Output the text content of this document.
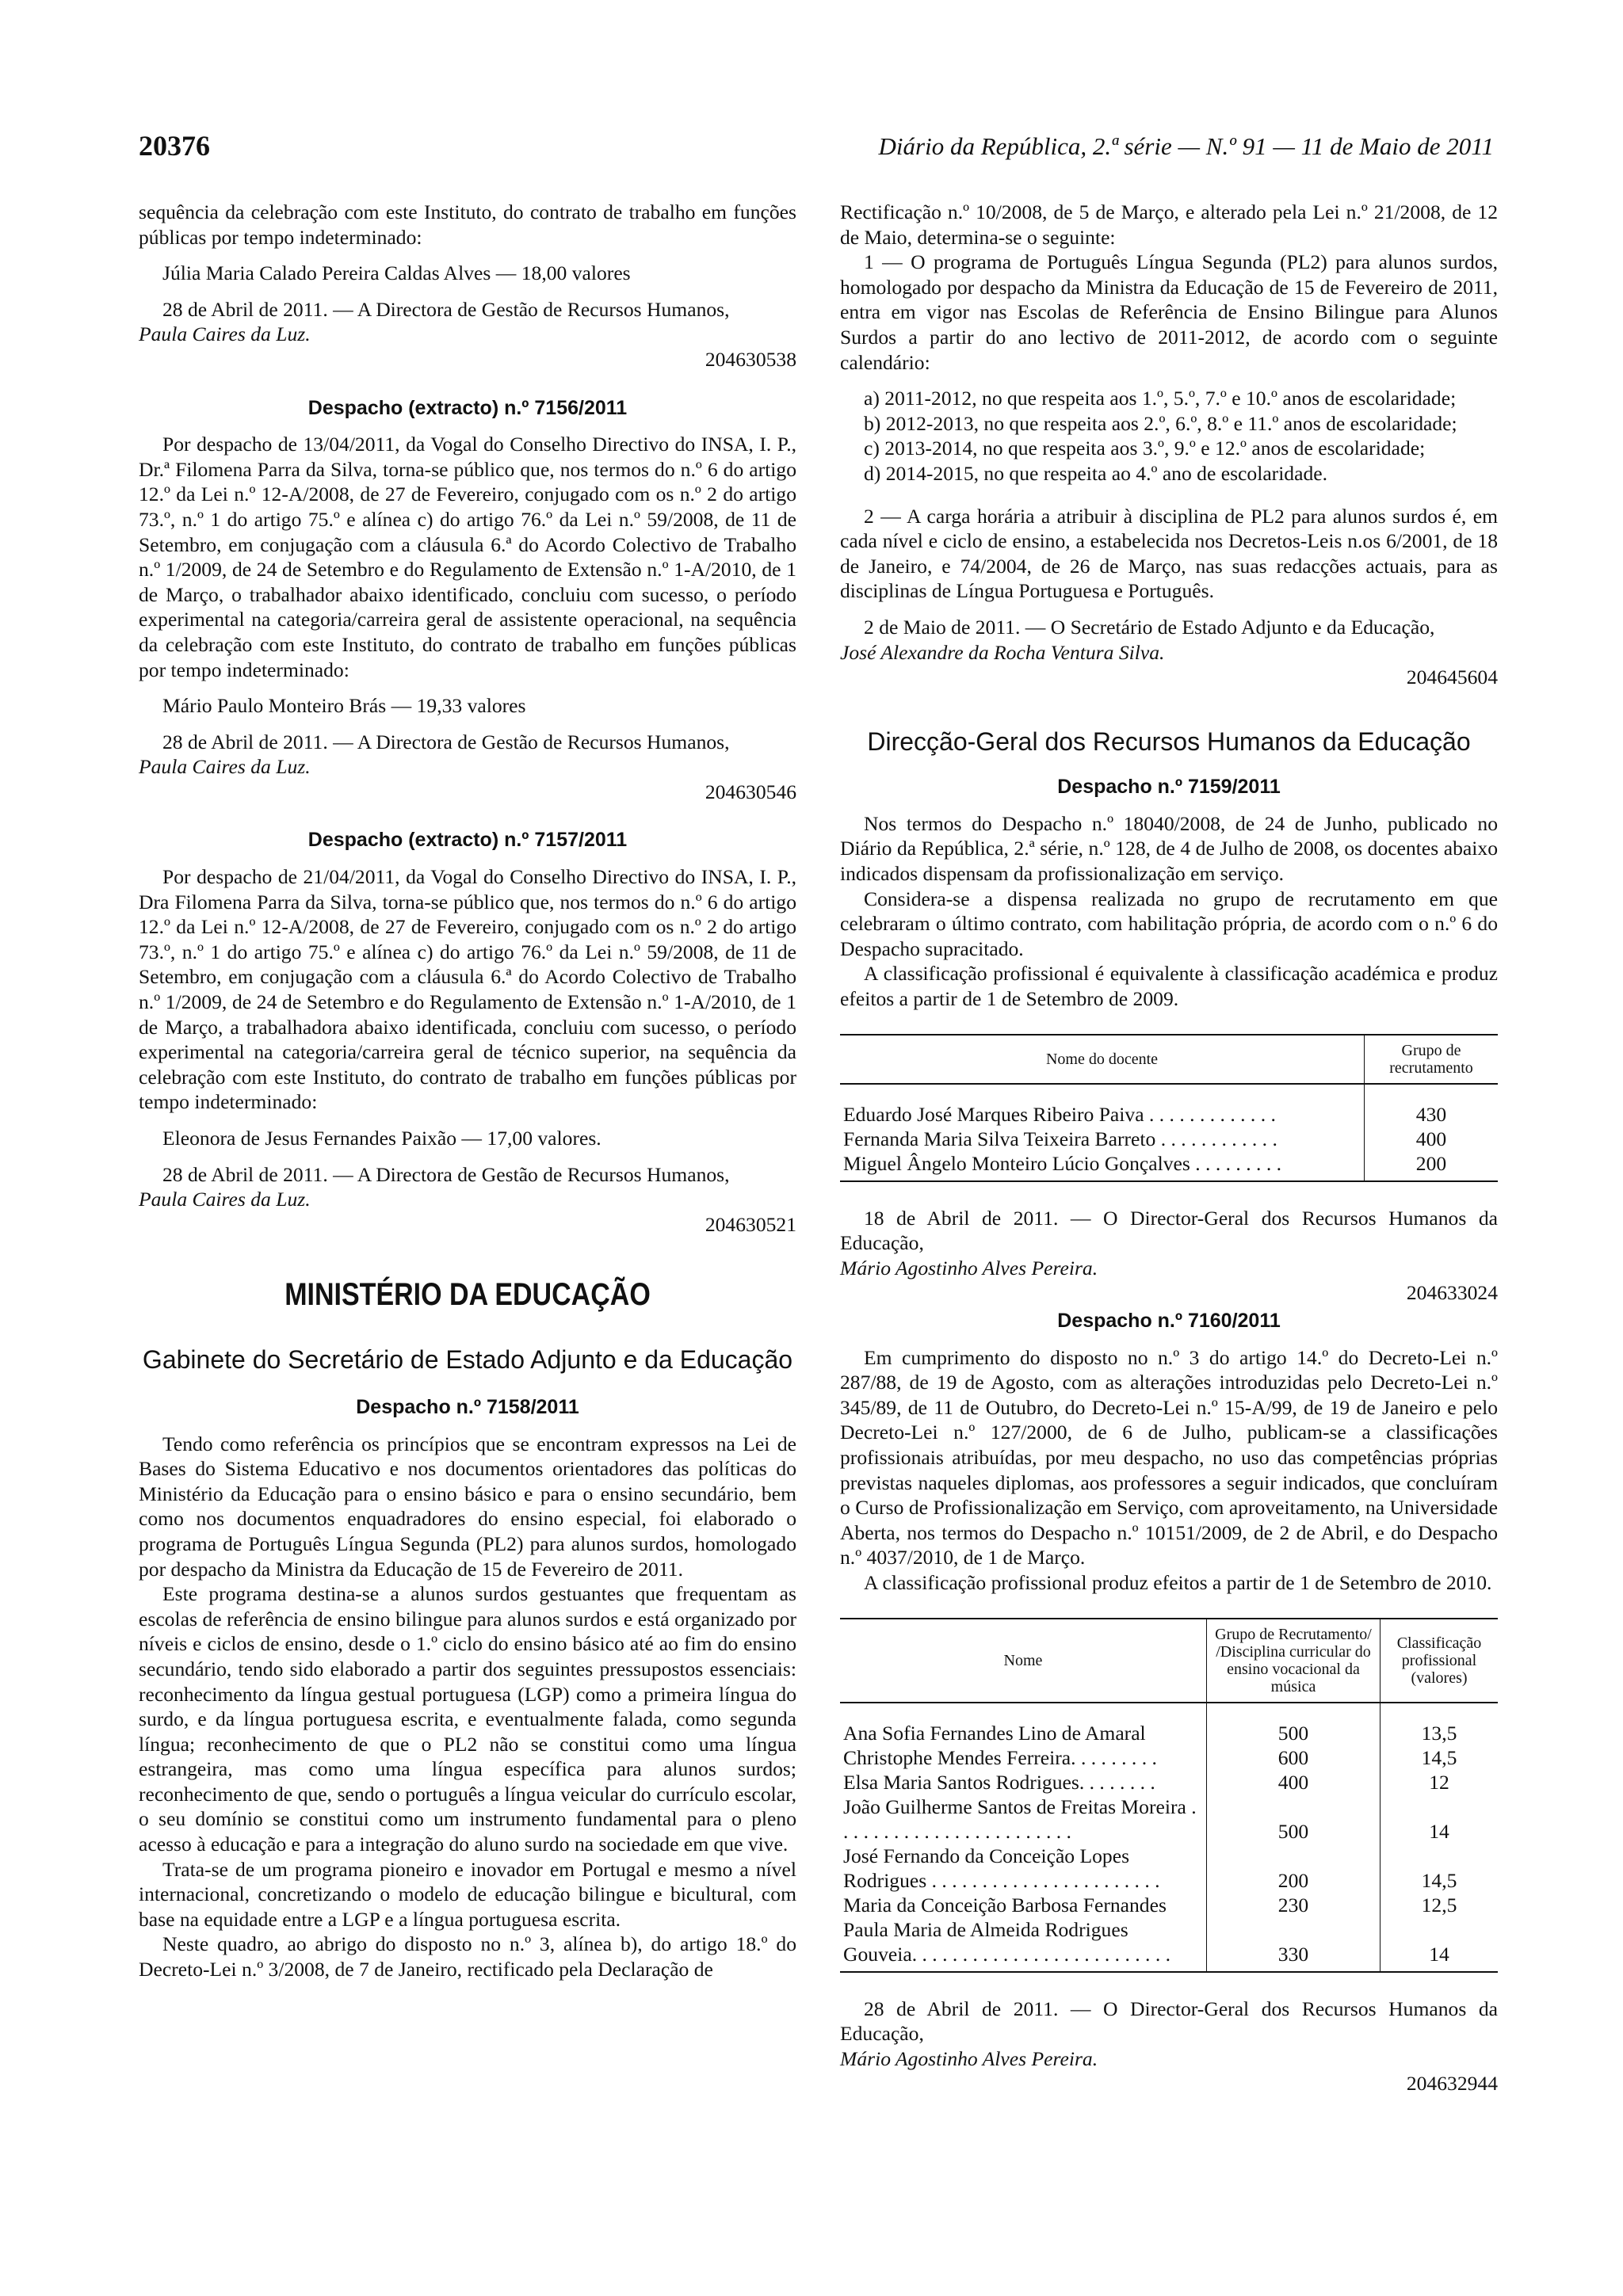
20376	Diário da República, 2.ª série — N.º 91 — 11 de Maio de 2011

sequência da celebração com este Instituto, do contrato de trabalho em funções públicas por tempo indeterminado:

Júlia Maria Calado Pereira Caldas Alves — 18,00 valores

28 de Abril de 2011. — A Directora de Gestão de Recursos Humanos,

Paula Caires da Luz.

204630538

Despacho (extracto) n.º 7156/2011

Por despacho de 13/04/2011, da Vogal do Conselho Directivo do INSA, I. P., Dr.ª Filomena Parra da Silva, torna-se público que, nos termos do n.º 6 do artigo 12.º da Lei n.º 12-A/2008, de 27 de Fevereiro, conjugado com os n.º 2 do artigo 73.º, n.º 1 do artigo 75.º e alínea c) do artigo 76.º da Lei n.º 59/2008, de 11 de Setembro, em conjugação com a cláusula 6.ª do Acordo Colectivo de Trabalho n.º 1/2009, de 24 de Setembro e do Regulamento de Extensão n.º 1-A/2010, de 1 de Março, o trabalhador abaixo identificado, concluiu com sucesso, o período experimental na categoria/carreira geral de assistente operacional, na sequência da celebração com este Instituto, do contrato de trabalho em funções públicas por tempo indeterminado:

Mário Paulo Monteiro Brás — 19,33 valores

28 de Abril de 2011. — A Directora de Gestão de Recursos Humanos,

Paula Caires da Luz.

204630546

Despacho (extracto) n.º 7157/2011

Por despacho de 21/04/2011, da Vogal do Conselho Directivo do INSA, I. P., Dra Filomena Parra da Silva, torna-se público que, nos termos do n.º 6 do artigo 12.º da Lei n.º 12-A/2008, de 27 de Fevereiro, conjugado com os n.º 2 do artigo 73.º, n.º 1 do artigo 75.º e alínea c) do artigo 76.º da Lei n.º 59/2008, de 11 de Setembro, em conjugação com a cláusula 6.ª do Acordo Colectivo de Trabalho n.º 1/2009, de 24 de Setembro e do Regulamento de Extensão n.º 1-A/2010, de 1 de Março, a trabalhadora abaixo identificada, concluiu com sucesso, o período experimental na categoria/carreira geral de técnico superior, na sequência da celebração com este Instituto, do contrato de trabalho em funções públicas por tempo indeterminado:

Eleonora de Jesus Fernandes Paixão — 17,00 valores.

28 de Abril de 2011. — A Directora de Gestão de Recursos Humanos,

Paula Caires da Luz.

204630521

MINISTÉRIO DA EDUCAÇÃO
Gabinete do Secretário de Estado Adjunto e da Educação
Despacho n.º 7158/2011

Tendo como referência os princípios que se encontram expressos na Lei de Bases do Sistema Educativo e nos documentos orientadores das políticas do Ministério da Educação para o ensino básico e para o ensino secundário, bem como nos documentos enquadradores do ensino especial, foi elaborado o programa de Português Língua Segunda (PL2) para alunos surdos, homologado por despacho da Ministra da Educação de 15 de Fevereiro de 2011.

Este programa destina-se a alunos surdos gestuantes que frequentam as escolas de referência de ensino bilingue para alunos surdos e está organizado por níveis e ciclos de ensino, desde o 1.º ciclo do ensino básico até ao fim do ensino secundário, tendo sido elaborado a partir dos seguintes pressupostos essenciais: reconhecimento da língua gestual portuguesa (LGP) como a primeira língua do surdo, e da língua portuguesa escrita, e eventualmente falada, como segunda língua; reconhecimento de que o PL2 não se constitui como uma língua estrangeira, mas como uma língua específica para alunos surdos; reconhecimento de que, sendo o português a língua veicular do currículo escolar, o seu domínio se constitui como um instrumento fundamental para o pleno acesso à educação e para a integração do aluno surdo na sociedade em que vive.

Trata-se de um programa pioneiro e inovador em Portugal e mesmo a nível internacional, concretizando o modelo de educação bilingue e bicultural, com base na equidade entre a LGP e a língua portuguesa escrita.

Neste quadro, ao abrigo do disposto no n.º 3, alínea b), do artigo 18.º do Decreto-Lei n.º 3/2008, de 7 de Janeiro, rectificado pela Declaração de

Rectificação n.º 10/2008, de 5 de Março, e alterado pela Lei n.º 21/2008, de 12 de Maio, determina-se o seguinte:

1 — O programa de Português Língua Segunda (PL2) para alunos surdos, homologado por despacho da Ministra da Educação de 15 de Fevereiro de 2011, entra em vigor nas Escolas de Referência de Ensino Bilingue para Alunos Surdos a partir do ano lectivo de 2011-2012, de acordo com o seguinte calendário:

a) 2011-2012, no que respeita aos 1.º, 5.º, 7.º e 10.º anos de escolaridade;

b) 2012-2013, no que respeita aos 2.º, 6.º, 8.º e 11.º anos de escolaridade;

c) 2013-2014, no que respeita aos 3.º, 9.º e 12.º anos de escolaridade;

d) 2014-2015, no que respeita ao 4.º ano de escolaridade.

2 — A carga horária a atribuir à disciplina de PL2 para alunos surdos é, em cada nível e ciclo de ensino, a estabelecida nos Decretos-Leis n.os 6/2001, de 18 de Janeiro, e 74/2004, de 26 de Março, nas suas redacções actuais, para as disciplinas de Língua Portuguesa e Português.

2 de Maio de 2011. — O Secretário de Estado Adjunto e da Educação,

José Alexandre da Rocha Ventura Silva.

204645604

Direcção-Geral dos Recursos Humanos da Educação
Despacho n.º 7159/2011

Nos termos do Despacho n.º 18040/2008, de 24 de Junho, publicado no Diário da República, 2.ª série, n.º 128, de 4 de Julho de 2008, os docentes abaixo indicados dispensam da profissionalização em serviço.

Considera-se a dispensa realizada no grupo de recrutamento em que celebraram o último contrato, com habilitação própria, de acordo com o n.º 6 do Despacho supracitado.

A classificação profissional é equivalente à classificação académica e produz efeitos a partir de 1 de Setembro de 2009.

Nome do docente	Grupo de recrutamento
Eduardo José Marques Ribeiro Paiva . . . . . . . . . . . . .	430
Fernanda Maria Silva Teixeira Barreto . . . . . . . . . . . .	400
Miguel Ângelo Monteiro Lúcio Gonçalves . . . . . . . . .	200

18 de Abril de 2011. — O Director-Geral dos Recursos Humanos da Educação,

Mário Agostinho Alves Pereira.

204633024

Despacho n.º 7160/2011

Em cumprimento do disposto no n.º 3 do artigo 14.º do Decreto-Lei n.º 287/88, de 19 de Agosto, com as alterações introduzidas pelo Decreto-Lei n.º 345/89, de 11 de Outubro, do Decreto-Lei n.º 15-A/99, de 19 de Janeiro e pelo Decreto-Lei n.º 127/2000, de 6 de Julho, publicam-se a classificações profissionais atribuídas, por meu despacho, no uso das competências próprias previstas naqueles diplomas, aos professores a seguir indicados, que concluíram o Curso de Profissionalização em Serviço, com aproveitamento, na Universidade Aberta, nos termos do Despacho n.º 10151/2009, de 2 de Abril, e do Despacho n.º 4037/2010, de 1 de Março.

A classificação profissional produz efeitos a partir de 1 de Setembro de 2010.

Nome	Grupo de Recrutamento/ /Disciplina curricular do ensino vocacional da música	Classificação profissional (valores)
Ana Sofia Fernandes Lino de Amaral	500	13,5
Christophe Mendes Ferreira. . . . . . . . .	600	14,5
Elsa Maria Santos Rodrigues. . . . . . . .	400	12
João Guilherme Santos de Freitas Moreira . . . . . . . . . . . . . . . . . . . . . . . .	500	14
José Fernando da Conceição Lopes Rodrigues . . . . . . . . . . . . . . . . . . . . . . .	200	14,5
Maria da Conceição Barbosa Fernandes	230	12,5
Paula Maria de Almeida Rodrigues Gouveia. . . . . . . . . . . . . . . . . . . . . . . . . .	330	14

28 de Abril de 2011. — O Director-Geral dos Recursos Humanos da Educação,

Mário Agostinho Alves Pereira.

204632944
